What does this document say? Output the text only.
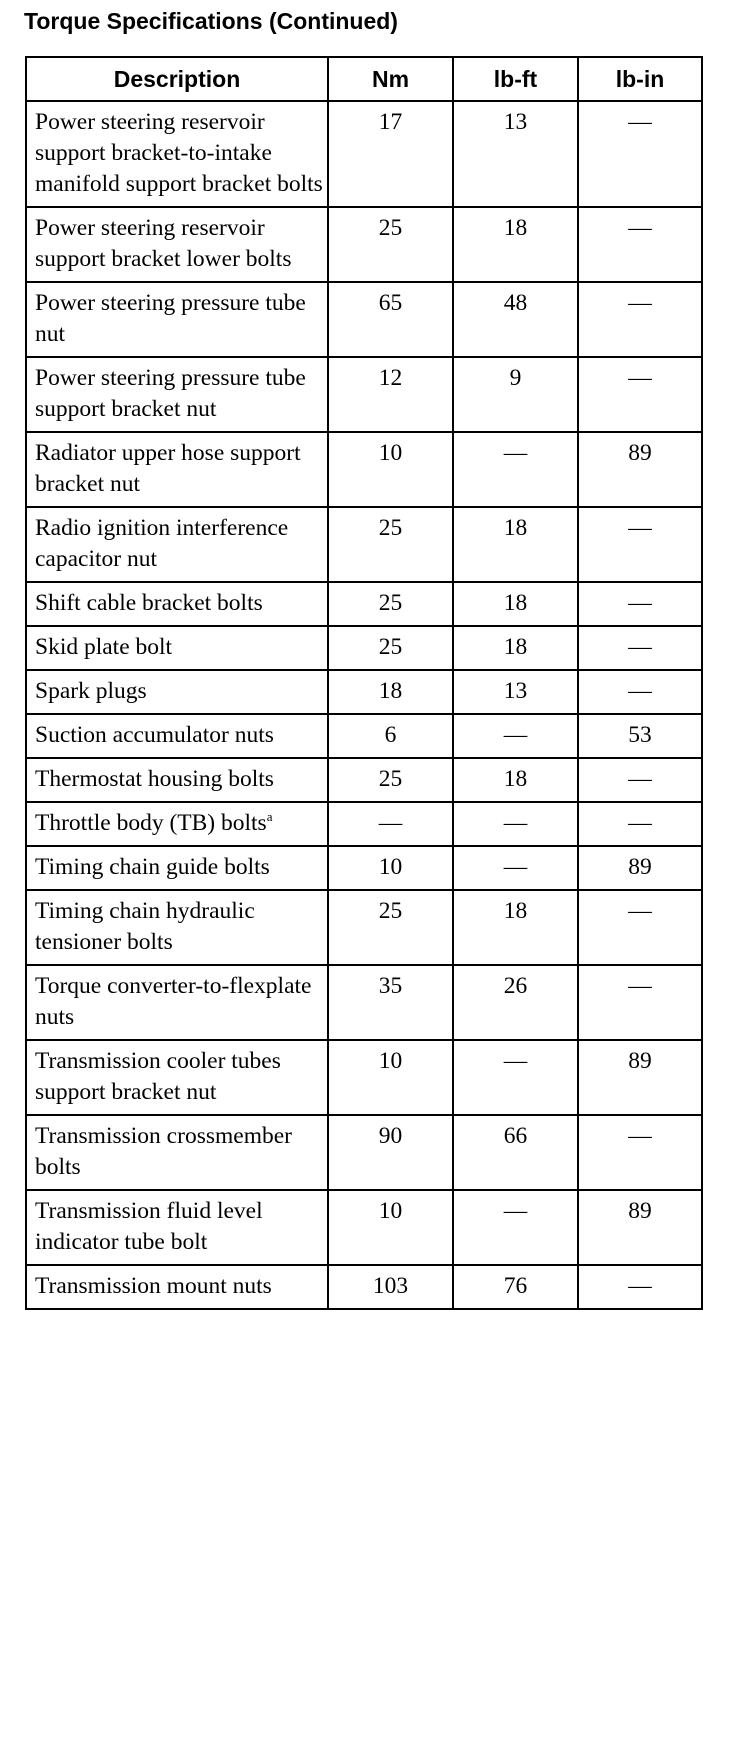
Torque Specifications (Continued)
Description	Nm	lb-ft	lb-in
Power steering reservoir support bracket-to-intake manifold support bracket bolts	17	13	—
Power steering reservoir support bracket lower bolts	25	18	—
Power steering pressure tube nut	65	48	—
Power steering pressure tube support bracket nut	12	9	—
Radiator upper hose support bracket nut	10	—	89
Radio ignition interference capacitor nut	25	18	—
Shift cable bracket bolts	25	18	—
Skid plate bolt	25	18	—
Spark plugs	18	13	—
Suction accumulator nuts	6	—	53
Thermostat housing bolts	25	18	—
Throttle body (TB) bolts$^a$	—	—	—
Timing chain guide bolts	10	—	89
Timing chain hydraulic tensioner bolts	25	18	—
Torque converter-to-flexplate nuts	35	26	—
Transmission cooler tubes support bracket nut	10	—	89
Transmission crossmember bolts	90	66	—
Transmission fluid level indicator tube bolt	10	—	89
Transmission mount nuts	103	76	—
